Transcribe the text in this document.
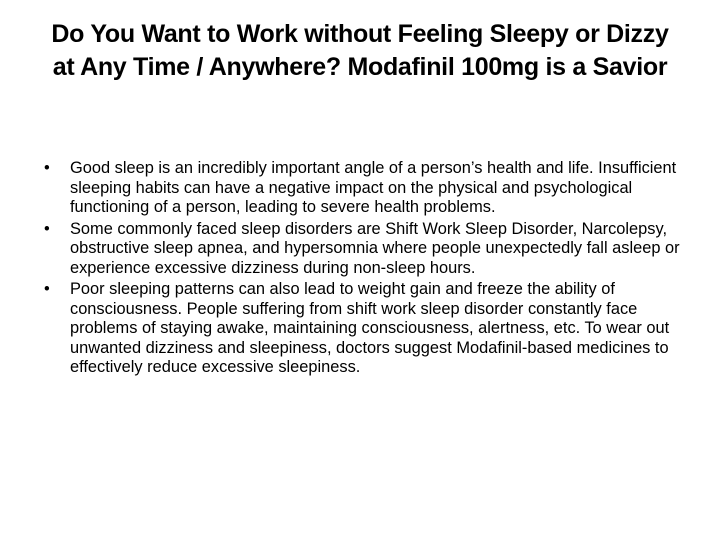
Do You Want to Work without Feeling Sleepy or Dizzy
at Any Time / Anywhere? Modafinil 100mg is a Savior
•	Good sleep is an incredibly important angle of a person’s health and life. Insufficient sleeping habits can have a negative impact on the physical and psychological functioning of a person, leading to severe health problems.
•	Some commonly faced sleep disorders are Shift Work Sleep Disorder, Narcolepsy, obstructive sleep apnea, and hypersomnia where people unexpectedly fall asleep or experience excessive dizziness during non-sleep hours.
•	Poor sleeping patterns can also lead to weight gain and freeze the ability of consciousness. People suffering from shift work sleep disorder constantly face problems of staying awake, maintaining consciousness, alertness, etc. To wear out unwanted dizziness and sleepiness, doctors suggest Modafinil-based medicines to effectively reduce excessive sleepiness.
